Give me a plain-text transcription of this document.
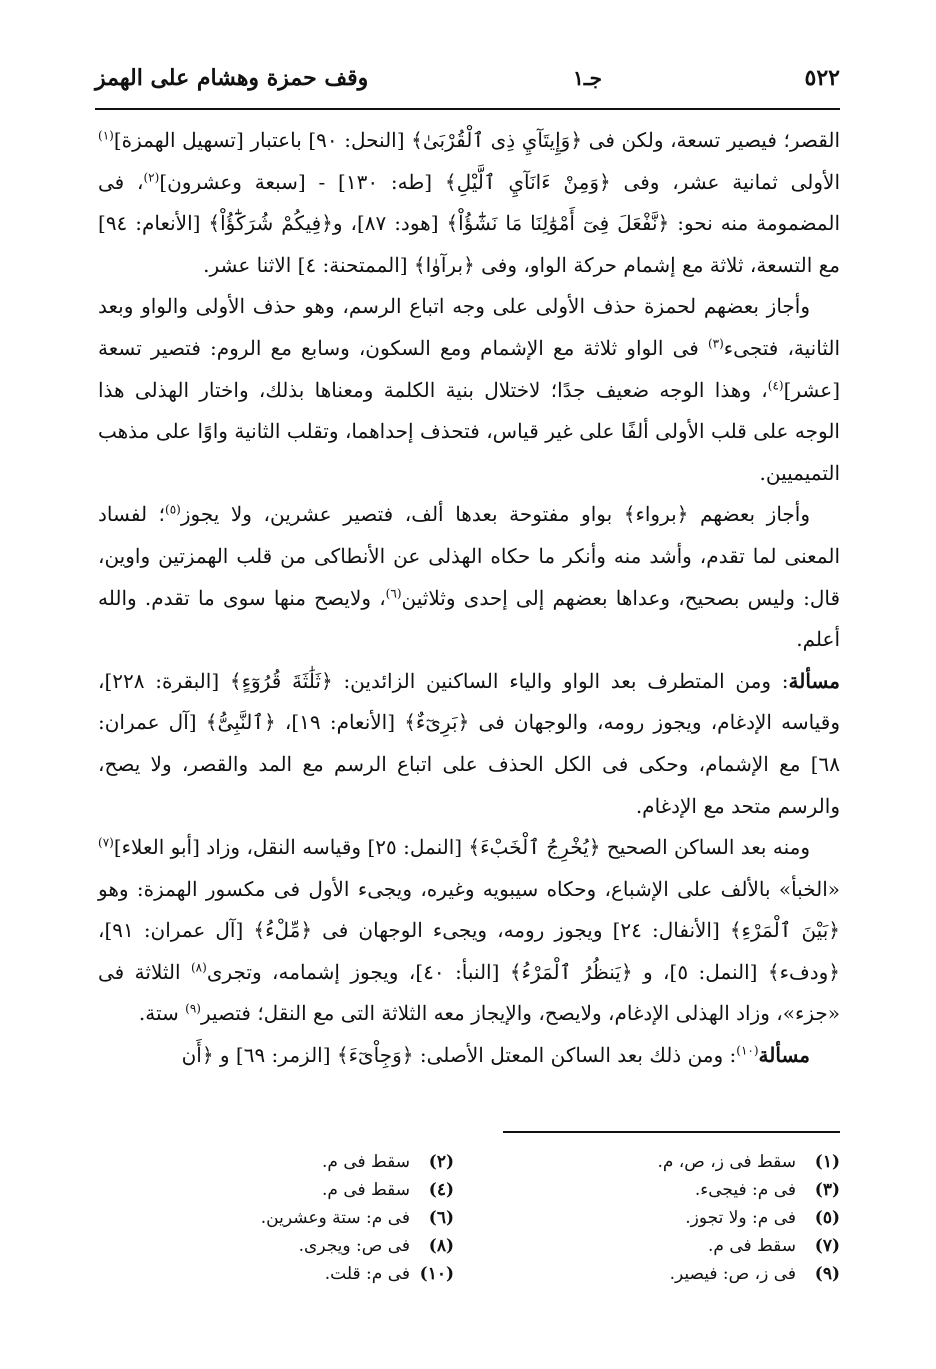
٥٢٢
جـ١
وقف حمزة وهشام على الهمز

القصر؛ فيصير تسعة، ولكن فى ﴿وَإِيتَآيِ ذِى ٱلْقُرْبَىٰ﴾ [النحل: ٩٠] باعتبار [تسهيل الهمزة]$^{(١)}$ الأولى ثمانية عشر، وفى ﴿وَمِنْ ءَانَآيِ ٱلَّيْلِ﴾ [طه: ١٣٠] - [سبعة وعشرون]$^{(٢)}$، فى المضمومة منه نحو: ﴿نَّفْعَلَ فِىٓ أَمْوَٰلِنَا مَا نَشَٰٓؤُاْ﴾ [هود: ٨٧]، و﴿فِيكُمْ شُرَكَٰٓؤُاْ﴾ [الأنعام: ٩٤] مع التسعة، ثلاثة مع إشمام حركة الواو، وفى ﴿برآوٰا﴾ [الممتحنة: ٤] الاثنا عشر.

وأجاز بعضهم لحمزة حذف الأولى على وجه اتباع الرسم، وهو حذف الأولى والواو وبعد الثانية، فتجىء$^{(٣)}$ فى الواو ثلاثة مع الإشمام ومع السكون، وسابع مع الروم: فتصير تسعة [عشر]$^{(٤)}$، وهذا الوجه ضعيف جدًا؛ لاختلال بنية الكلمة ومعناها بذلك، واختار الهذلى هذا الوجه على قلب الأولى ألفًا على غير قياس، فتحذف إحداهما، وتقلب الثانية واوًا على مذهب التميميين.

وأجاز بعضهم ﴿برواء﴾ بواو مفتوحة بعدها ألف، فتصير عشرين، ولا يجوز$^{(٥)}$؛ لفساد المعنى لما تقدم، وأشد منه وأنكر ما حكاه الهذلى عن الأنطاكى من قلب الهمزتين واوين، قال: وليس بصحيح، وعداها بعضهم إلى إحدى وثلاثين$^{(٦)}$، ولايصح منها سوى ما تقدم. والله أعلم.

مسألة: ومن المتطرف بعد الواو والياء الساكنين الزائدين: ﴿ثَلَٰثَةَ قُرُوٓءٍ﴾ [البقرة: ٢٢٨]، وقياسه الإدغام، ويجوز رومه، والوجهان فى ﴿بَرِىٓءٌ﴾ [الأنعام: ١٩]، ﴿ٱلنَّبِىُّ﴾ [آل عمران: ٦٨] مع الإشمام، وحكى فى الكل الحذف على اتباع الرسم مع المد والقصر، ولا يصح، والرسم متحد مع الإدغام.

ومنه بعد الساكن الصحيح ﴿يُخْرِجُ ٱلْخَبْءَ﴾ [النمل: ٢٥] وقياسه النقل، وزاد [أبو العلاء]$^{(٧)}$ «الخبأ» بالألف على الإشباع، وحكاه سيبويه وغيره، ويجىء الأول فى مكسور الهمزة: وهو ﴿بَيْنَ ٱلْمَرْءِ﴾ [الأنفال: ٢٤] ويجوز رومه، ويجىء الوجهان فى ﴿مِّلْءُ﴾ [آل عمران: ٩١]، ﴿ودفء﴾ [النمل: ٥]، و ﴿يَنظُرُ ٱلْمَرْءُ﴾ [النبأ: ٤٠]، ويجوز إشمامه، وتجرى$^{(٨)}$ الثلاثة فى «جزء»، وزاد الهذلى الإدغام، ولايصح، والإيجاز معه الثلاثة التى مع النقل؛ فتصير$^{(٩)}$ ستة.

مسألة$^{(١٠)}$: ومن ذلك بعد الساكن المعتل الأصلى: ﴿وَجِاْىٓءَ﴾ [الزمر: ٦٩] و ﴿أَن

(١)
سقط فى ز، ص، م.
(٣)
فى م: فيجىء.
(٥)
فى م: ولا تجوز.
(٧)
سقط فى م.
(٩)
فى ز، ص: فيصير.
(٢)
سقط فى م.
(٤)
سقط فى م.
(٦)
فى م: ستة وعشرين.
(٨)
فى ص: ويجرى.
(١٠)
فى م: قلت.
